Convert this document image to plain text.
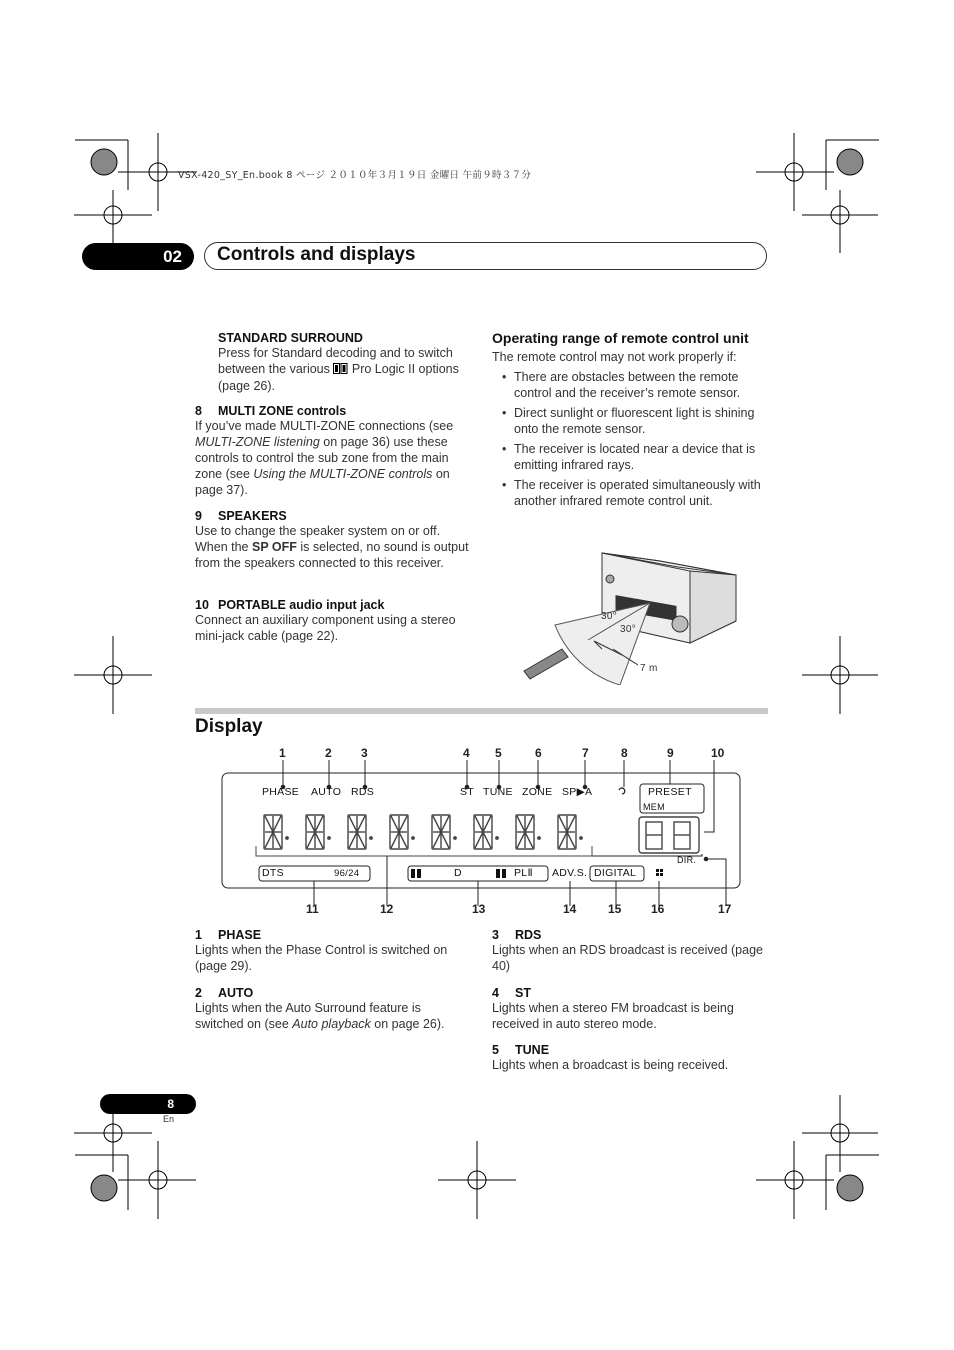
VSX-420_SY_En.book 8 ページ ２０１０年３月１９日 金曜日 午前９時３７分
02 Controls and displays
STANDARD SURROUND
Press for Standard decoding and to switch between the various Pro Logic II options (page 26).
8 MULTI ZONE controls
If you’ve made MULTI-ZONE connections (see MULTI-ZONE listening on page 36) use these controls to control the sub zone from the main zone (see Using the MULTI-ZONE controls on page 37).
9 SPEAKERS
Use to change the speaker system on or off. When the SP OFF is selected, no sound is output from the speakers connected to this receiver.
10 PORTABLE audio input jack
Connect an auxiliary component using a stereo mini-jack cable (page 22).
Operating range of remote control unit
The remote control may not work properly if:
• There are obstacles between the remote control and the receiver’s remote sensor.
• Direct sunlight or fluorescent light is shining onto the remote sensor.
• The receiver is located near a device that is emitting infrared rays.
• The receiver is operated simultaneously with another infrared remote control unit.
30°
30°
7 m
Display
1	2 3	4 5	6	7	8	9	10
PHASE AUTO RDS	ST TUNE ZONE SP▶A	PRESET
MEM
DIR.
DTS	96/24	D	PLⅡ ADV.S. DIGITAL
11	12	13	14	15 16	17
1 PHASE
Lights when the Phase Control is switched on (page 29).
2 AUTO
Lights when the Auto Surround feature is switched on (see Auto playback on page 26).
3 RDS
Lights when an RDS broadcast is received (page 40)
4 ST
Lights when a stereo FM broadcast is being received in auto stereo mode.
5 TUNE
Lights when a broadcast is being received.
8
En
